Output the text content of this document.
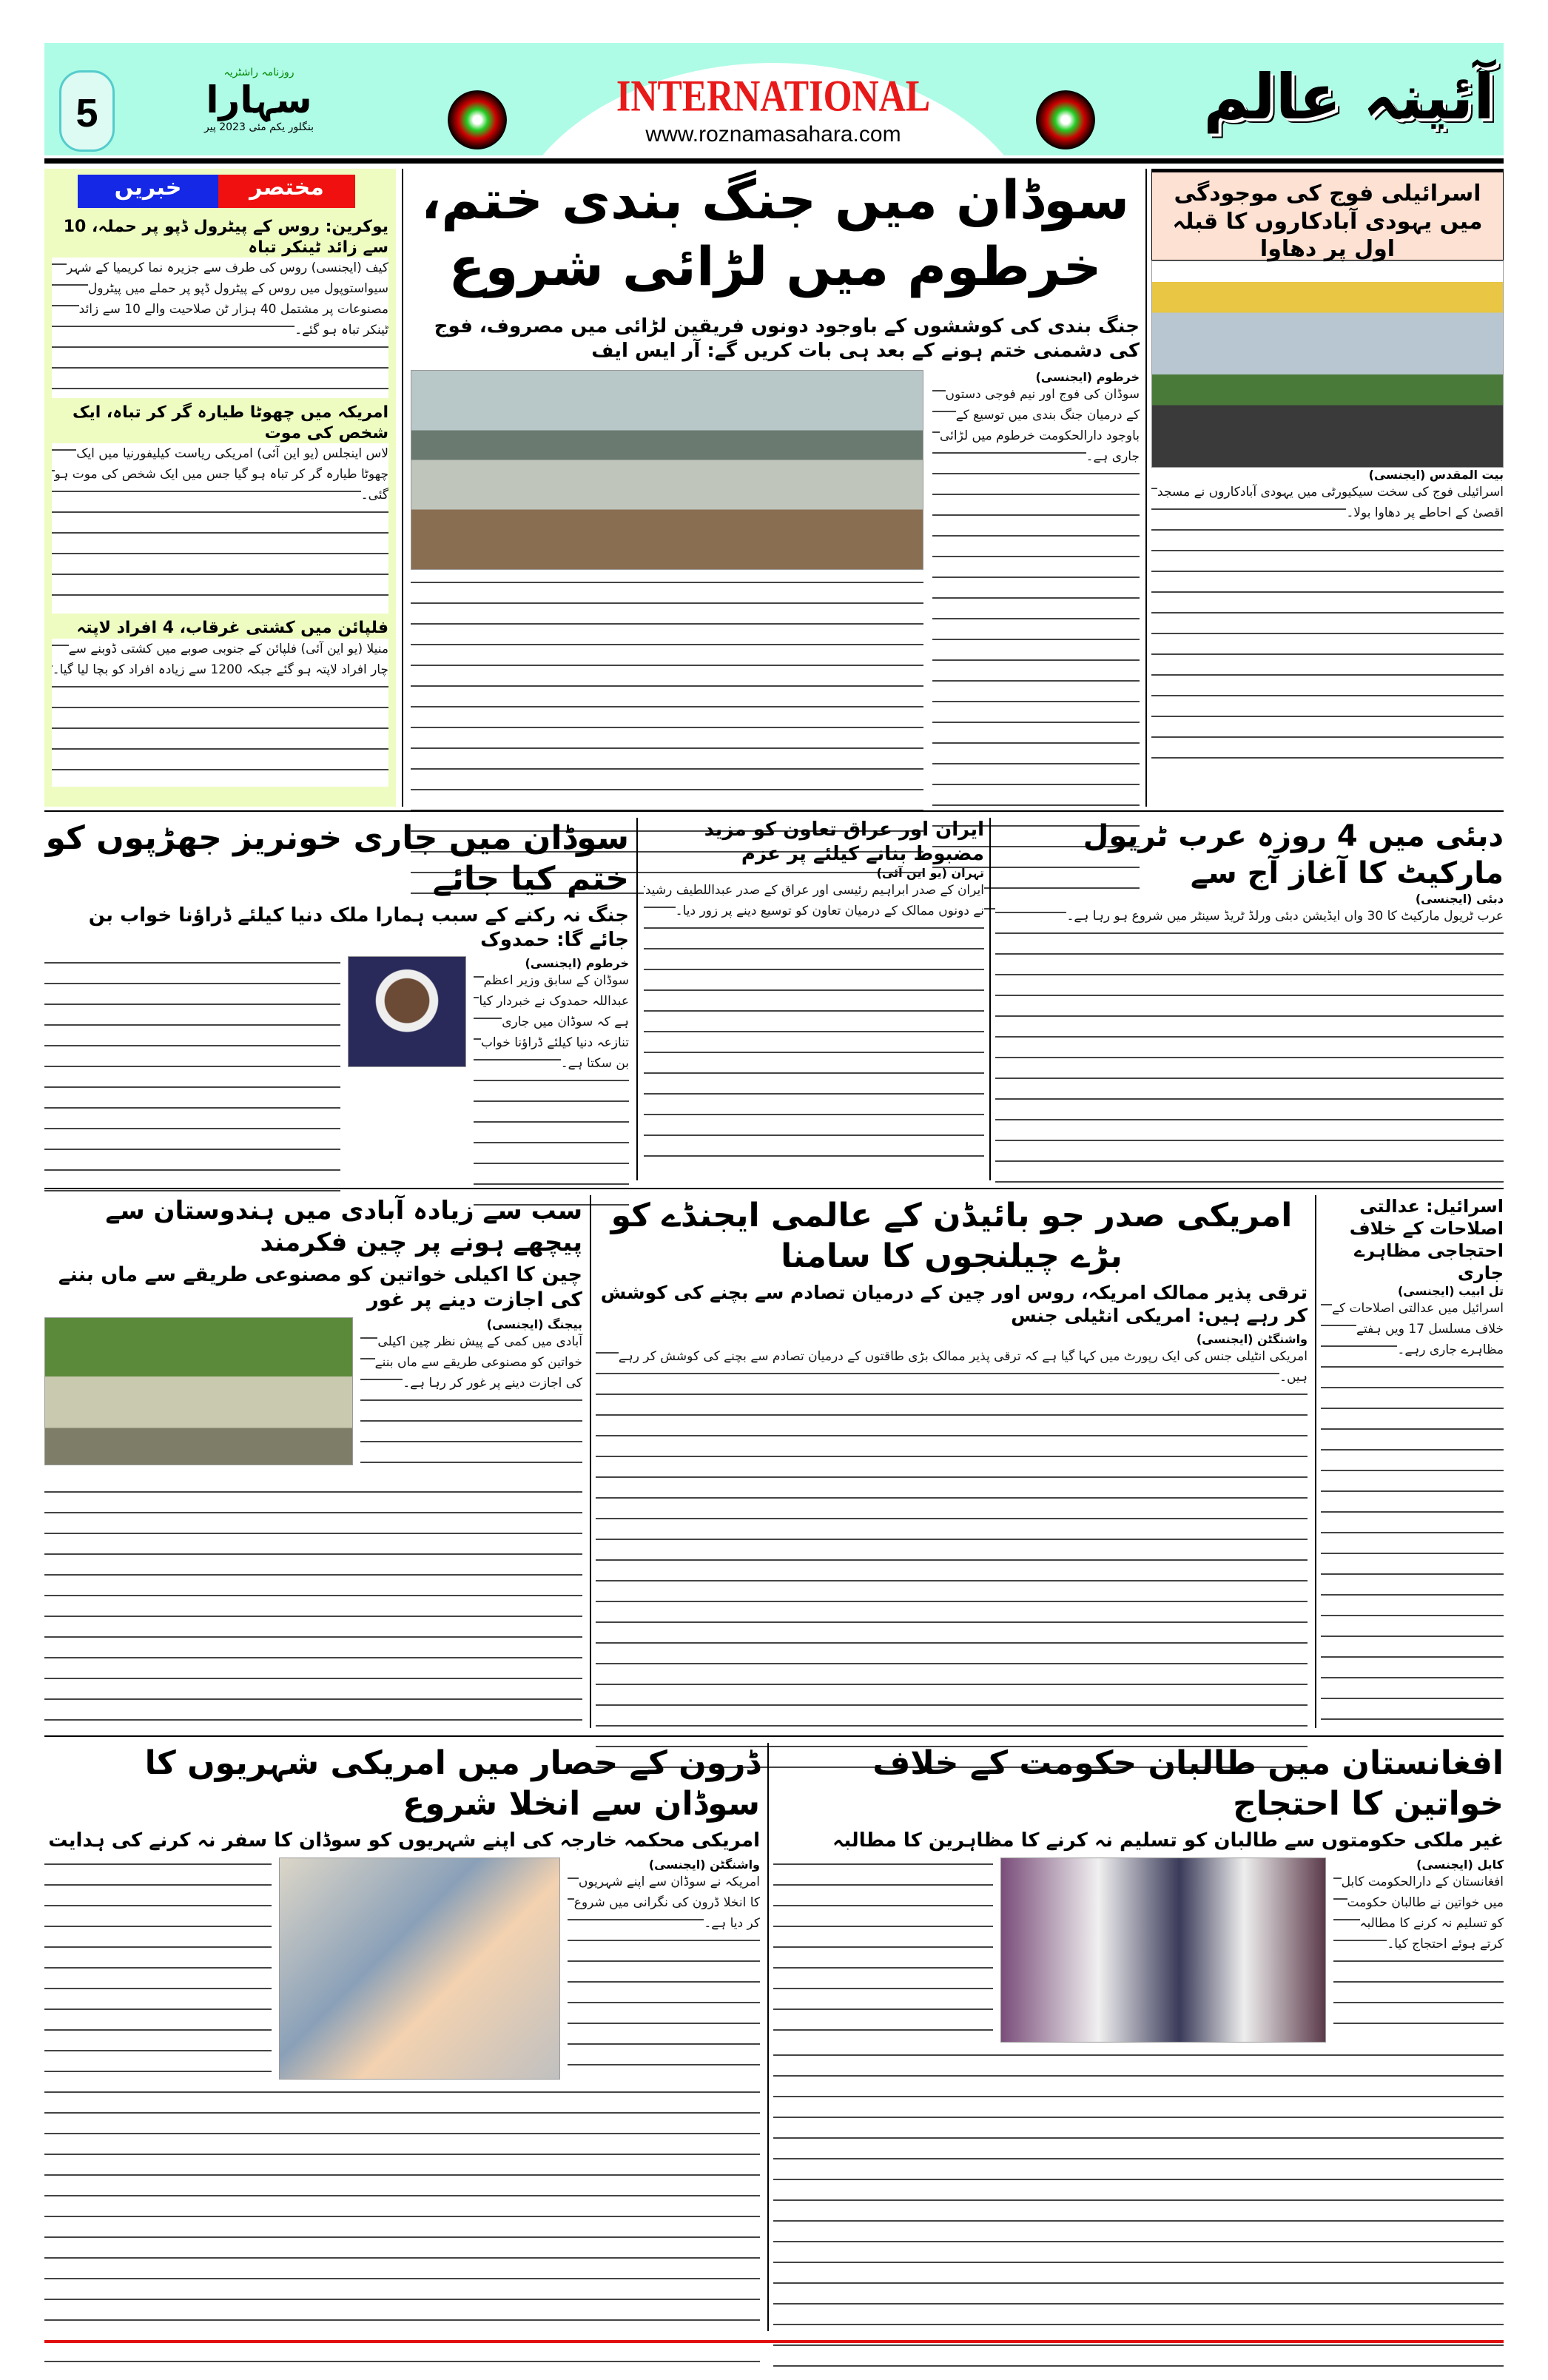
INTERNATIONAL
www.roznamasahara.com
5
روزنامہ راشٹریہ
سہارا
بنگلور یکم مئی 2023 پیر	آئینہ عالم
خبریں	مختصر
یوکرین: روس کے پیٹرول ڈپو پر حملہ، 10 سے زائد ٹینکر تباہ
کیف (ایجنسی) روس کی طرف سے جزیرہ نما کریمیا کے شہر سیواستوپول میں روس کے پیٹرول ڈپو پر حملے میں پیٹرول مصنوعات پر مشتمل 40 ہزار ٹن صلاحیت والے 10 سے زائد ٹینکر تباہ ہو گئے۔
امریکہ میں چھوٹا طیارہ گر کر تباہ، ایک شخص کی موت
لاس اینجلس (یو این آئی) امریکی ریاست کیلیفورنیا میں ایک چھوٹا طیارہ گر کر تباہ ہو گیا جس میں ایک شخص کی موت ہو گئی۔
فلپائن میں کشتی غرقاب، 4 افراد لاپتہ
منیلا (یو این آئی) فلپائن کے جنوبی صوبے میں کشتی ڈوبنے سے چار افراد لاپتہ ہو گئے جبکہ 1200 سے زیادہ افراد کو بچا لیا گیا۔
سوڈان میں جنگ بندی ختم، خرطوم میں لڑائی شروع
جنگ بندی کی کوششوں کے باوجود دونوں فریقین لڑائی میں مصروف، فوج کی دشمنی ختم ہونے کے بعد ہی بات کریں گے: آر ایس ایف
خرطوم (ایجنسی)
سوڈان کی فوج اور نیم فوجی دستوں کے درمیان جنگ بندی میں توسیع کے باوجود دارالحکومت خرطوم میں لڑائی جاری ہے۔
اسرائیلی فوج کی موجودگی میں یہودی آبادکاروں کا قبلہ اول پر دھاوا
بیت المقدس (ایجنسی)
اسرائیلی فوج کی سخت سیکیورٹی میں یہودی آبادکاروں نے مسجد اقصیٰ کے احاطے پر دھاوا بولا۔
دبئی میں 4 روزہ عرب ٹریول مارکیٹ کا آغاز آج سے
دبئی (ایجنسی)
عرب ٹریول مارکیٹ کا 30 واں ایڈیشن دبئی ورلڈ ٹریڈ سینٹر میں شروع ہو رہا ہے۔
ایران اور عراق تعاون کو مزید مضبوط بنانے کیلئے پر عزم
تہران (یو این آئی)
ایران کے صدر ابراہیم رئیسی اور عراق کے صدر عبداللطیف رشید نے دونوں ممالک کے درمیان تعاون کو توسیع دینے پر زور دیا۔
سوڈان میں جاری خونریز جھڑپوں کو ختم کیا جائے
جنگ نہ رکنے کے سبب ہمارا ملک دنیا کیلئے ڈراؤنا خواب بن جائے گا: حمدوک
خرطوم (ایجنسی)
سوڈان کے سابق وزیر اعظم عبداللہ حمدوک نے خبردار کیا ہے کہ سوڈان میں جاری تنازعہ دنیا کیلئے ڈراؤنا خواب بن سکتا ہے۔
اسرائیل: عدالتی اصلاحات کے خلاف احتجاجی مظاہرے جاری
تل ابیب (ایجنسی)
اسرائیل میں عدالتی اصلاحات کے خلاف مسلسل 17 ویں ہفتے مظاہرے جاری رہے۔
امریکی صدر جو بائیڈن کے عالمی ایجنڈے کو بڑے چیلنجوں کا سامنا
ترقی پذیر ممالک امریکہ، روس اور چین کے درمیان تصادم سے بچنے کی کوشش کر رہے ہیں: امریکی انٹیلی جنس
واشنگٹن (ایجنسی)
امریکی انٹیلی جنس کی ایک رپورٹ میں کہا گیا ہے کہ ترقی پذیر ممالک بڑی طاقتوں کے درمیان تصادم سے بچنے کی کوشش کر رہے ہیں۔
سب سے زیادہ آبادی میں ہندوستان سے پیچھے ہونے پر چین فکرمند
چین کا اکیلی خواتین کو مصنوعی طریقے سے ماں بننے کی اجازت دینے پر غور
بیجنگ (ایجنسی)
آبادی میں کمی کے پیش نظر چین اکیلی خواتین کو مصنوعی طریقے سے ماں بننے کی اجازت دینے پر غور کر رہا ہے۔
افغانستان میں طالبان حکومت کے خلاف خواتین کا احتجاج
غیر ملکی حکومتوں سے طالبان کو تسلیم نہ کرنے کا مظاہرین کا مطالبہ
کابل (ایجنسی)
افغانستان کے دارالحکومت کابل میں خواتین نے طالبان حکومت کو تسلیم نہ کرنے کا مطالبہ کرتے ہوئے احتجاج کیا۔
ڈرون کے حصار میں امریکی شہریوں کا سوڈان سے انخلا شروع
امریکی محکمہ خارجہ کی اپنے شہریوں کو سوڈان کا سفر نہ کرنے کی ہدایت
واشنگٹن (ایجنسی)
امریکہ نے سوڈان سے اپنے شہریوں کا انخلا ڈرون کی نگرانی میں شروع کر دیا ہے۔
